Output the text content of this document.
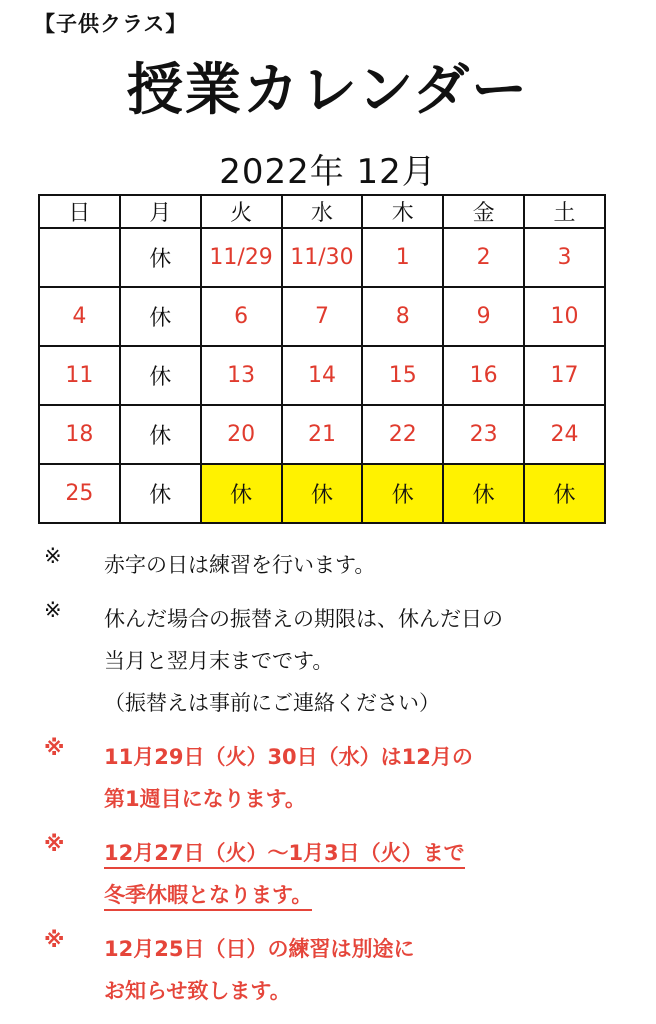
【子供クラス】
授業カレンダー
2022年 12月
日	月	火	水	木	金	土
	休	11/29	11/30	1	2	3
4	休	6	7	8	9	10
11	休	13	14	15	16	17
18	休	20	21	22	23	24
25	休	休	休	休	休	休
※ 赤字の日は練習を行います。
※ 休んだ場合の振替えの期限は、休んだ日の
当月と翌月末までです。
（振替えは事前にご連絡ください）
※ 11月29日（火）30日（水）は12月の
第1週目になります。
※ 12月27日（火）～1月3日（火）まで
冬季休暇となります。
※ 12月25日（日）の練習は別途に
お知らせ致します。
